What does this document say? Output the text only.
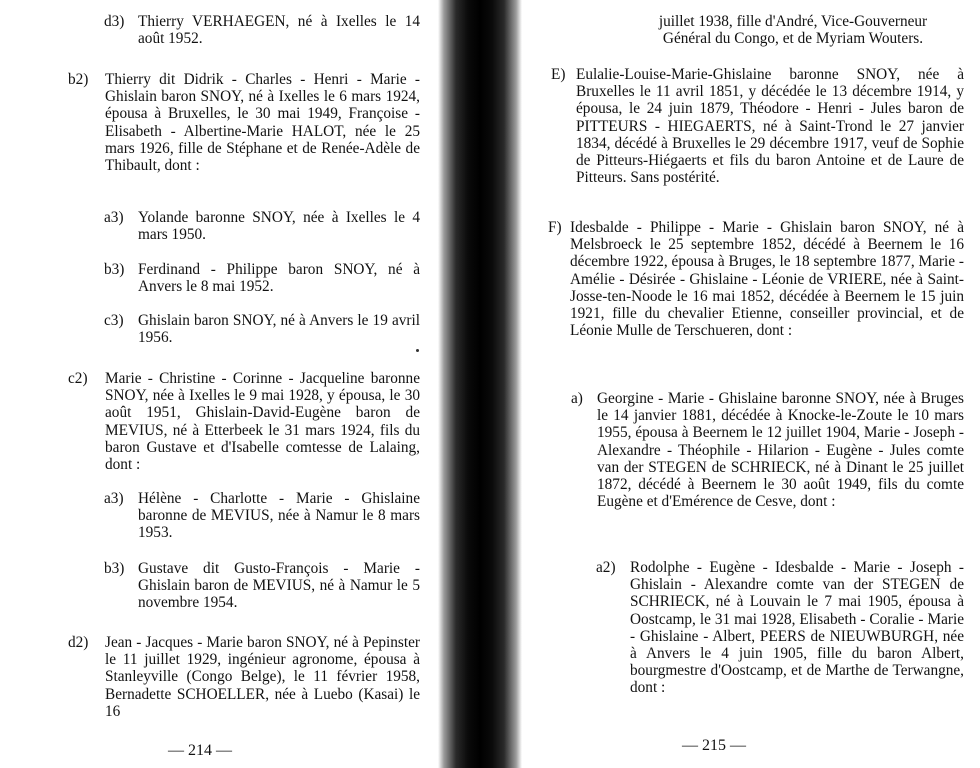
d3) Thierry VERHAEGEN, né à Ixelles le 14 août 1952.
b2) Thierry dit Didrik - Charles - Henri - Marie - Ghislain baron SNOY, né à Ixelles le 6 mars 1924, épousa à Bruxelles, le 30 mai 1949, Françoise - Elisabeth - Albertine-Marie HALOT, née le 25 mars 1926, fille de Stéphane et de Renée-Adèle de Thibault, dont :
a3) Yolande baronne SNOY, née à Ixelles le 4 mars 1950.
b3) Ferdinand - Philippe baron SNOY, né à Anvers le 8 mai 1952.
c3) Ghislain baron SNOY, né à Anvers le 19 avril 1956.
c2) Marie - Christine - Corinne - Jacqueline baronne SNOY, née à Ixelles le 9 mai 1928, y épousa, le 30 août 1951, Ghislain-David-Eugène baron de MEVIUS, né à Etterbeek le 31 mars 1924, fils du baron Gustave et d'Isabelle comtesse de Lalaing, dont :
a3) Hélène - Charlotte - Marie - Ghislaine baronne de MEVIUS, née à Namur le 8 mars 1953.
b3) Gustave dit Gusto-François - Marie - Ghislain baron de MEVIUS, né à Namur le 5 novembre 1954.
d2) Jean - Jacques - Marie baron SNOY, né à Pepinster le 11 juillet 1929, ingénieur agronome, épousa à Stanleyville (Congo Belge), le 11 février 1958, Bernadette SCHOELLER, née à Luebo (Kasai) le 16
— 214 —
juillet 1938, fille d'André, Vice-Gouverneur Général du Congo, et de Myriam Wouters.
E) Eulalie-Louise-Marie-Ghislaine baronne SNOY, née à Bruxelles le 11 avril 1851, y décédée le 13 décembre 1914, y épousa, le 24 juin 1879, Théodore - Henri - Jules baron de PITTEURS - HIEGAERTS, né à Saint-Trond le 27 janvier 1834, décédé à Bruxelles le 29 décembre 1917, veuf de Sophie de Pitteurs-Hiégaerts et fils du baron Antoine et de Laure de Pitteurs. Sans postérité.
F) Idesbalde - Philippe - Marie - Ghislain baron SNOY, né à Melsbroeck le 25 septembre 1852, décédé à Beernem le 16 décembre 1922, épousa à Bruges, le 18 septembre 1877, Marie - Amélie - Désirée - Ghislaine - Léonie de VRIERE, née à Saint-Josse-ten-Noode le 16 mai 1852, décédée à Beernem le 15 juin 1921, fille du chevalier Etienne, conseiller provincial, et de Léonie Mulle de Terschueren, dont :
a) Georgine - Marie - Ghislaine baronne SNOY, née à Bruges le 14 janvier 1881, décédée à Knocke-le-Zoute le 10 mars 1955, épousa à Beernem le 12 juillet 1904, Marie - Joseph - Alexandre - Théophile - Hilarion - Eugène - Jules comte van der STEGEN de SCHRIECK, né à Dinant le 25 juillet 1872, décédé à Beernem le 30 août 1949, fils du comte Eugène et d'Emérence de Cesve, dont :
a2) Rodolphe - Eugène - Idesbalde - Marie - Joseph - Ghislain - Alexandre comte van der STEGEN de SCHRIECK, né à Louvain le 7 mai 1905, épousa à Oostcamp, le 31 mai 1928, Elisabeth - Coralie - Marie - Ghislaine - Albert, PEERS de NIEUWBURGH, née à Anvers le 4 juin 1905, fille du baron Albert, bourgmestre d'Oostcamp, et de Marthe de Terwangne, dont :
— 215 —
